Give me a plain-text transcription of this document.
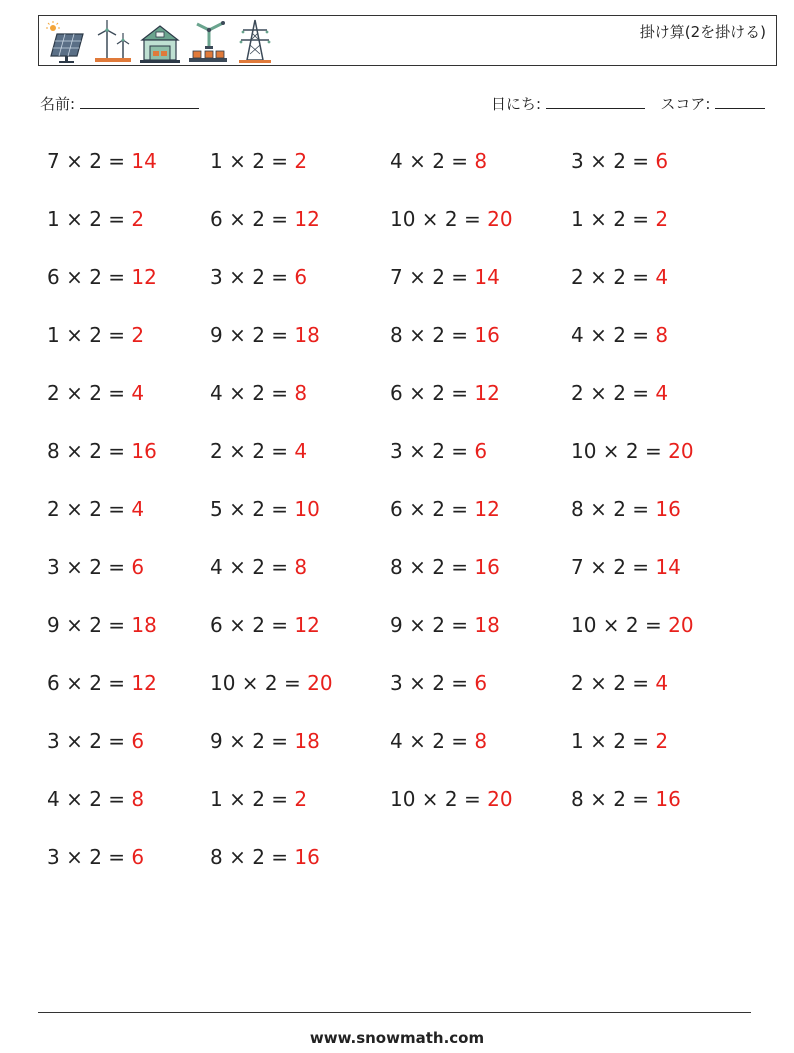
掛け算(2を掛ける)
名前:	日にち:	スコア:
7 × 2 = 14
1 × 2 = 2
6 × 2 = 12
1 × 2 = 2
2 × 2 = 4
8 × 2 = 16
2 × 2 = 4
3 × 2 = 6
9 × 2 = 18
6 × 2 = 12
3 × 2 = 6
4 × 2 = 8
3 × 2 = 6
1 × 2 = 2
6 × 2 = 12
3 × 2 = 6
9 × 2 = 18
4 × 2 = 8
2 × 2 = 4
5 × 2 = 10
4 × 2 = 8
6 × 2 = 12
10 × 2 = 20
9 × 2 = 18
1 × 2 = 2
8 × 2 = 16
4 × 2 = 8
10 × 2 = 20
7 × 2 = 14
8 × 2 = 16
6 × 2 = 12
3 × 2 = 6
6 × 2 = 12
8 × 2 = 16
9 × 2 = 18
3 × 2 = 6
4 × 2 = 8
10 × 2 = 20
3 × 2 = 6
1 × 2 = 2
2 × 2 = 4
4 × 2 = 8
2 × 2 = 4
10 × 2 = 20
8 × 2 = 16
7 × 2 = 14
10 × 2 = 20
2 × 2 = 4
1 × 2 = 2
8 × 2 = 16
www.snowmath.com
